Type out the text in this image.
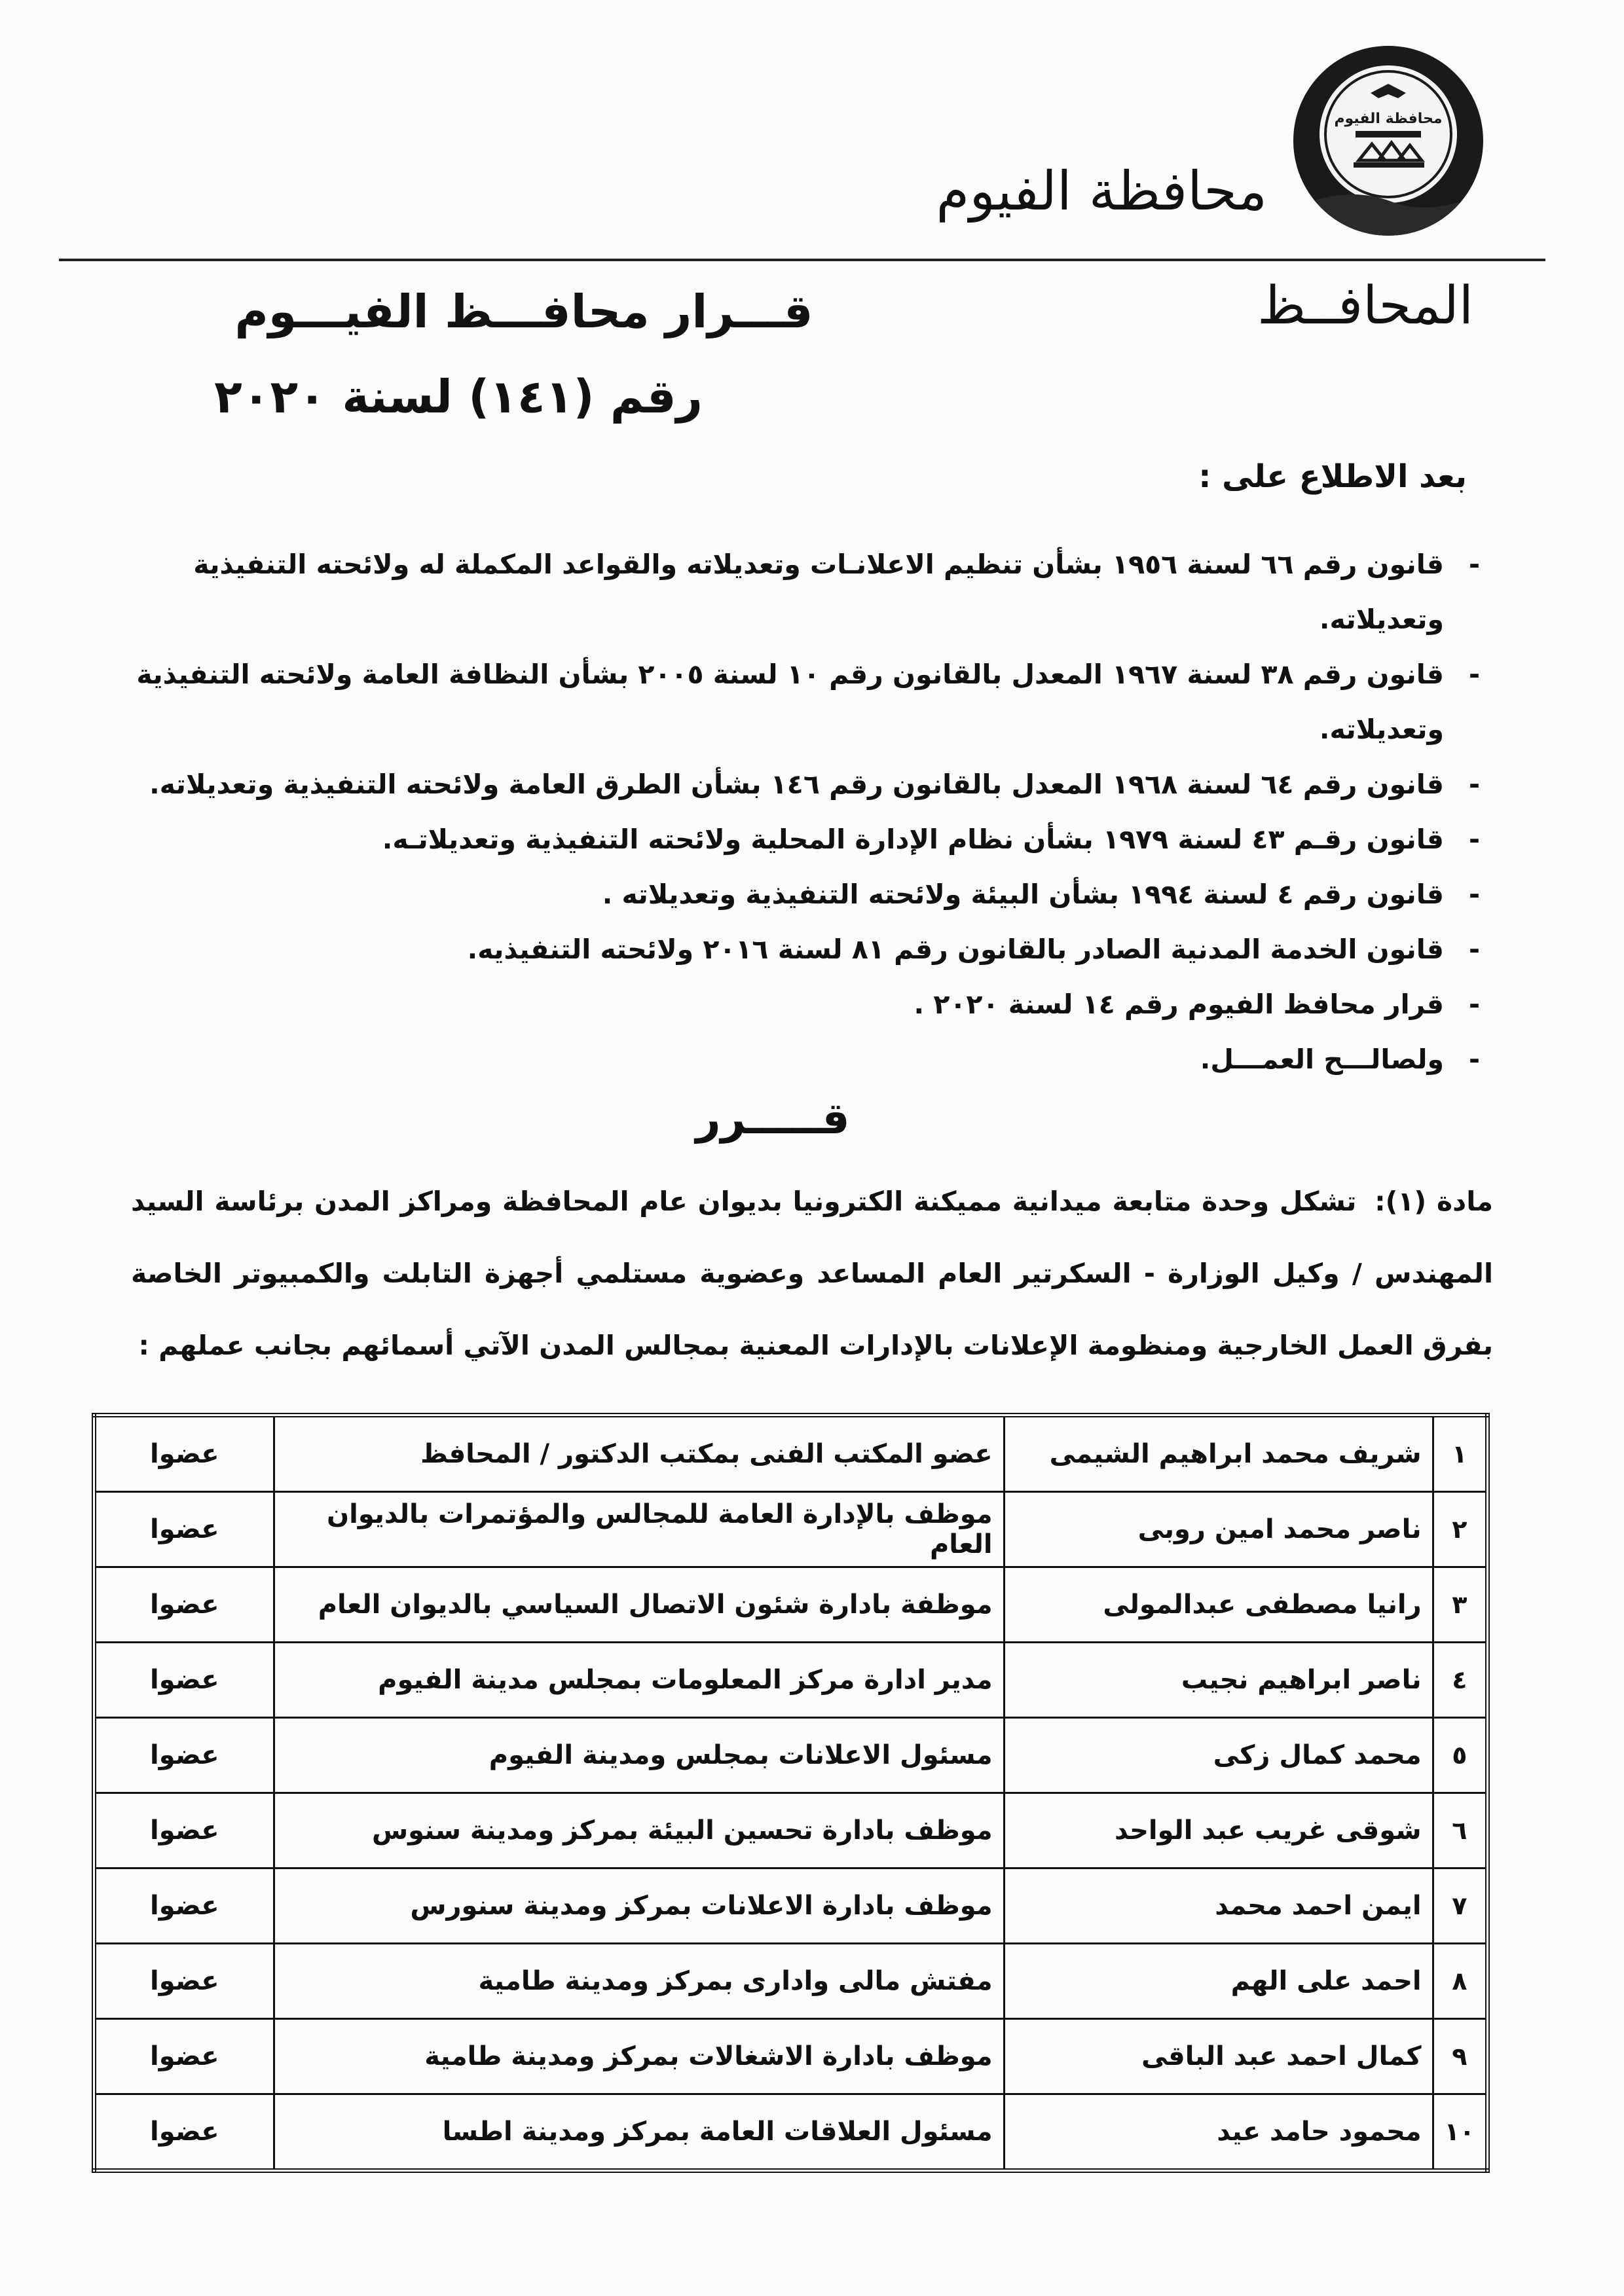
محافظة الفيوم
محافظة الفيوم
المحافــظ
قـــرار محافـــظ الفيـــوم
رقم (١٤١) لسنة ٢٠٢٠
بعد الاطلاع على :
- قانون رقم ٦٦ لسنة ١٩٥٦ بشأن تنظيم الاعلانـات وتعديلاته والقواعد المكملة له ولائحته التنفيذية وتعديلاته.
- قانون رقم ٣٨ لسنة ١٩٦٧ المعدل بالقانون رقم ١٠ لسنة ٢٠٠٥ بشأن النظافة العامة ولائحته التنفيذية وتعديلاته.
- قانون رقم ٦٤ لسنة ١٩٦٨ المعدل بالقانون رقم ١٤٦ بشأن الطرق العامة ولائحته التنفيذية وتعديلاته.
- قانون رقـم ٤٣ لسنة ١٩٧٩ بشأن نظام الإدارة المحلية ولائحته التنفيذية وتعديلاتـه.
- قانون رقم ٤ لسنة ١٩٩٤ بشأن البيئة ولائحته التنفيذية وتعديلاته .
- قانون الخدمة المدنية الصادر بالقانون رقم ٨١ لسنة ٢٠١٦ ولائحته التنفيذيه.
- قرار محافظ الفيوم رقم ١٤ لسنة ٢٠٢٠ .
- ولصالـــح العمـــل.
قـــــرر
مادة (١): تشكل وحدة متابعة ميدانية مميكنة الكترونيا بديوان عام المحافظة ومراكز المدن برئاسة السيد المهندس / وكيل الوزارة - السكرتير العام المساعد وعضوية مستلمي أجهزة التابلت والكمبيوتر الخاصة بفرق العمل الخارجية ومنظومة الإعلانات بالإدارات المعنية بمجالس المدن الآتي أسمائهم بجانب عملهم :
١	شريف محمد ابراهيم الشيمى	عضو المكتب الفنى بمكتب الدكتور / المحافظ	عضوا
٢	ناصر محمد امين روبى	موظف بالإدارة العامة للمجالس والمؤتمرات بالديوان العام	عضوا
٣	رانيا مصطفى عبدالمولى	موظفة بادارة شئون الاتصال السياسي بالديوان العام	عضوا
٤	ناصر ابراهيم نجيب	مدير ادارة مركز المعلومات بمجلس مدينة الفيوم	عضوا
٥	محمد كمال زكى	مسئول الاعلانات بمجلس ومدينة الفيوم	عضوا
٦	شوقى غريب عبد الواحد	موظف بادارة تحسين البيئة بمركز ومدينة سنوس	عضوا
٧	ايمن احمد محمد	موظف بادارة الاعلانات بمركز ومدينة سنورس	عضوا
٨	احمد على الهم	مفتش مالى وادارى بمركز ومدينة طامية	عضوا
٩	كمال احمد عبد الباقى	موظف بادارة الاشغالات بمركز ومدينة طامية	عضوا
١٠	محمود حامد عيد	مسئول العلاقات العامة بمركز ومدينة اطسا	عضوا
